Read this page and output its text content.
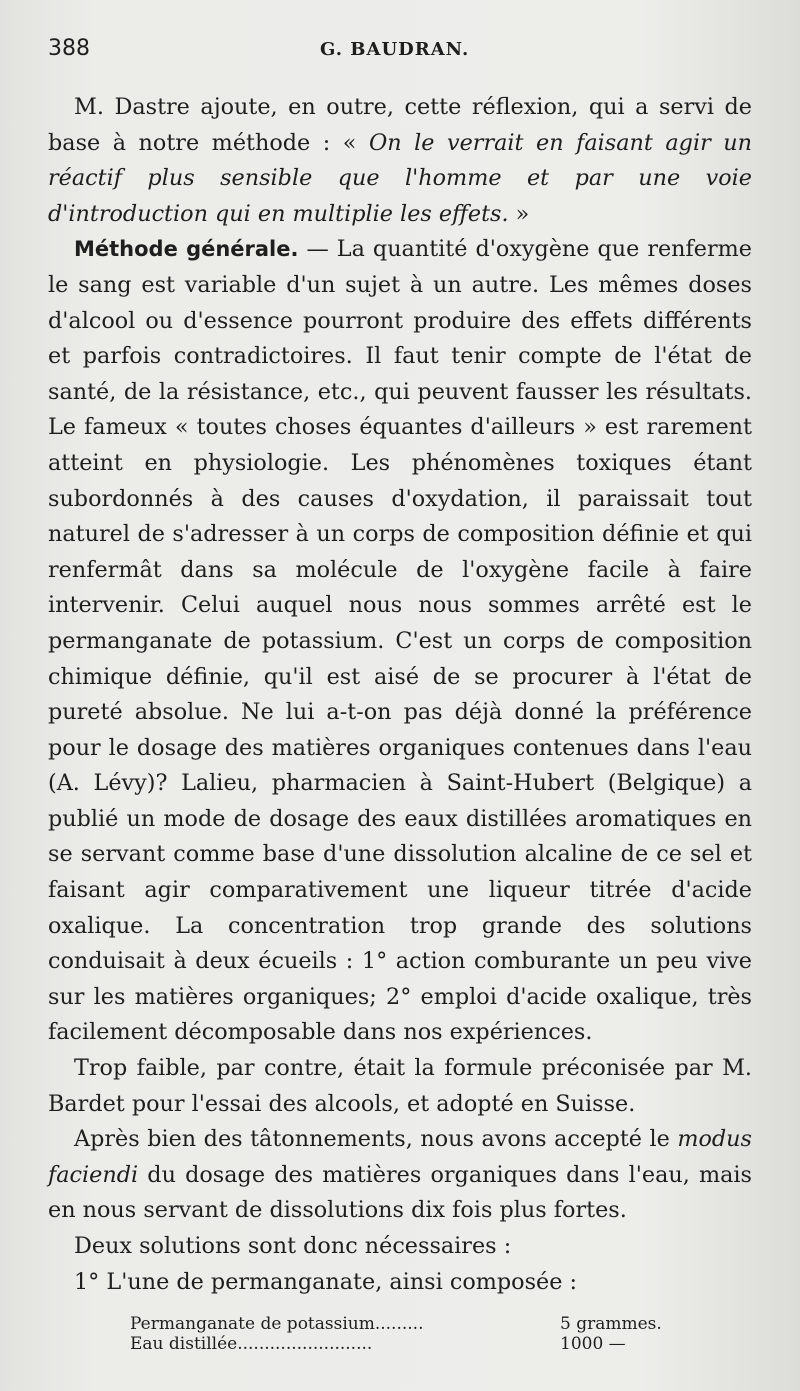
388	G. BAUDRAN.

M. Dastre ajoute, en outre, cette réflexion, qui a servi de base à notre méthode : « On le verrait en faisant agir un réactif plus sensible que l'homme et par une voie d'introduction qui en multiplie les effets. »

Méthode générale. — La quantité d'oxygène que renferme le sang est variable d'un sujet à un autre. Les mêmes doses d'alcool ou d'essence pourront produire des effets différents et parfois contradictoires. Il faut tenir compte de l'état de santé, de la résistance, etc., qui peuvent fausser les résultats. Le fameux « toutes choses équantes d'ailleurs » est rarement atteint en physiologie. Les phénomènes toxiques étant subordonnés à des causes d'oxydation, il paraissait tout naturel de s'adresser à un corps de composition définie et qui renfermât dans sa molécule de l'oxygène facile à faire intervenir. Celui auquel nous nous sommes arrêté est le permanganate de potassium. C'est un corps de composition chimique définie, qu'il est aisé de se procurer à l'état de pureté absolue. Ne lui a-t-on pas déjà donné la préférence pour le dosage des matières organiques contenues dans l'eau (A. Lévy)? Lalieu, pharmacien à Saint-Hubert (Belgique) a publié un mode de dosage des eaux distillées aromatiques en se servant comme base d'une dissolution alcaline de ce sel et faisant agir comparativement une liqueur titrée d'acide oxalique. La concentration trop grande des solutions conduisait à deux écueils : 1° action comburante un peu vive sur les matières organiques; 2° emploi d'acide oxalique, très facilement décomposable dans nos expériences.

Trop faible, par contre, était la formule préconisée par M. Bardet pour l'essai des alcools, et adopté en Suisse.

Après bien des tâtonnements, nous avons accepté le modus faciendi du dosage des matières organiques dans l'eau, mais en nous servant de dissolutions dix fois plus fortes.

Deux solutions sont donc nécessaires :

1° L'une de permanganate, ainsi composée :

Permanganate de potassium.........	5 grammes.
Eau distillée.........................	1000 —
